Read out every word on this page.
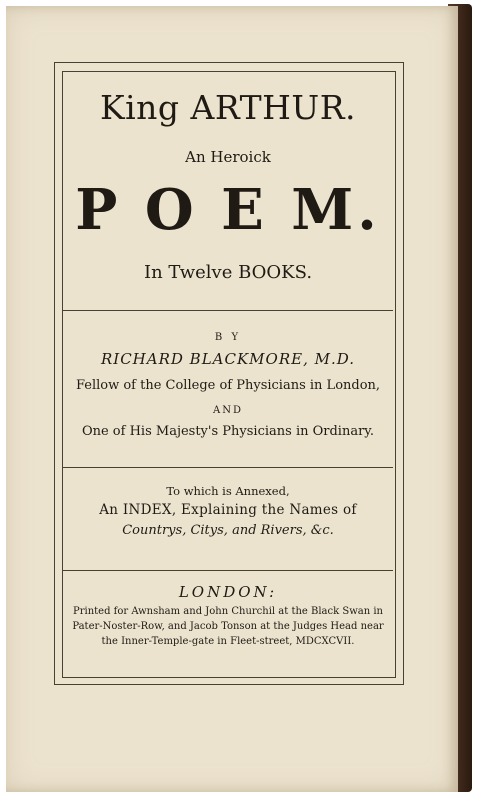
King ARTHUR.
An Heroick
P O E M.
In Twelve BOOKS.
B Y
RICHARD BLACKMORE, M.D.
Fellow of the College of Physicians in London,
AND
One of His Majesty's Physicians in Ordinary.
To which is Annexed,
An INDEX, Explaining the Names of
Countrys, Citys, and Rivers, &c.
LONDON:
Printed for Awnsham and John Churchil at the Black Swan in
Pater-Noster-Row, and Jacob Tonson at the Judges Head near
the Inner-Temple-gate in Fleet-street, MDCXCVII.
